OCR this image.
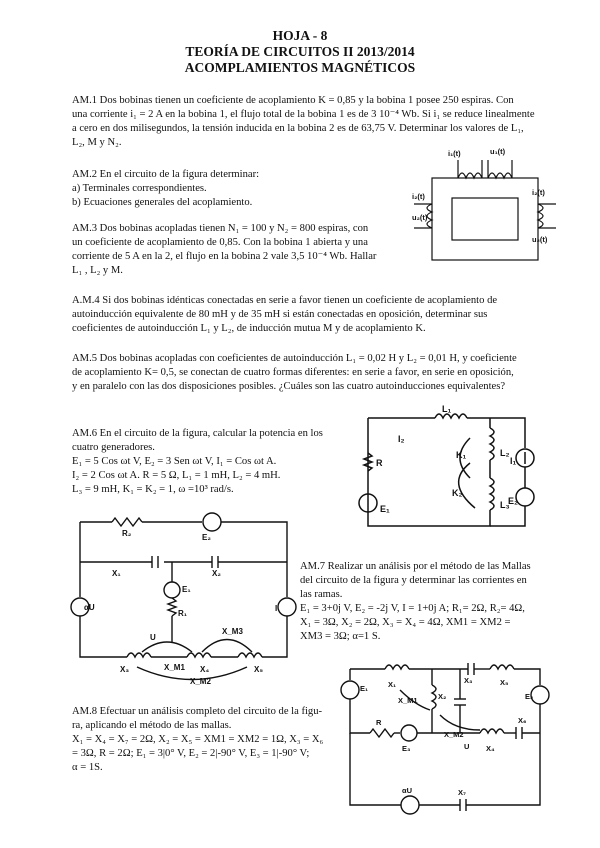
HOJA - 8
TEORÍA DE CIRCUITOS II 2013/2014
ACOMPLAMIENTOS MAGNÉTICOS
AM.1 Dos bobinas tienen un coeficiente de acoplamiento K = 0,85 y la bobina 1 posee 250 espiras. Con
una corriente i₁ = 2 A en la bobina 1, el flujo total de la bobina 1 es de 3 10⁻⁴ Wb. Si i₁ se reduce linealmente
a cero en dos milisegundos, la tensión inducida en la bobina 2 es de 63,75 V. Determinar los valores de L₁,
L₂, M y N₂.
AM.2 En el circuito de la figura determinar:
a) Terminales correspondientes.
b) Ecuaciones generales del acoplamiento.
AM.3 Dos bobinas acopladas tienen N₁ = 100 y N₂ = 800 espiras, con
un coeficiente de acoplamiento de 0,85. Con la bobina 1 abierta y una
corriente de 5 A en la 2, el flujo en la bobina 2 vale 3,5 10⁻⁴ Wb. Hallar
L₁ , L₂ y M.
A.M.4 Si dos bobinas idénticas conectadas en serie a favor tienen un coeficiente de acoplamiento de
autoinducción equivalente de 80 mH y de 35 mH si están conectadas en oposición, determinar sus
coeficientes de autoinducción L₁ y L₂, de inducción mutua M y de acoplamiento K.
AM.5 Dos bobinas acopladas con coeficientes de autoinducción L₁ = 0,02 H y L₂ = 0,01 H, y coeficiente
de acoplamiento K= 0,5, se conectan de cuatro formas diferentes: en serie a favor, en serie en oposición,
y en paralelo con las dos disposiciones posibles. ¿Cuáles son las cuatro autoinducciones equivalentes?
AM.6 En el circuito de la figura, calcular la potencia en los
cuatro generadores.
E₁ = 5 Cos ωt V, E₂ = 3 Sen ωt V, I₁ = Cos ωt A.
I₂ = 2 Cos ωt A. R = 5 Ω, L₁ = 1 mH, L₂ = 4 mH.
L₃ = 9 mH, K₁ = K₂ = 1, ω =10³ rad/s.
AM.7 Realizar un análisis por el método de las Mallas
del circuito de la figura y determinar las corrientes en
las ramas.
E₁ = 3+0j V, E₂ = -2j V, I = 1+0j A; R₁= 2Ω, R₂= 4Ω,
X₁ = 3Ω, X₂ = 2Ω, X₃ = X₄ = 4Ω, XM1 = XM2 =
XM3 = 3Ω; α=1 S.
AM.8 Efectuar un análisis completo del circuito de la figu-
ra, aplicando el método de las mallas.
X₁ = X₄ = X₇ = 2Ω, X₂ = X₅ = XM1 = XM2 = 1Ω, X₃ = X₆
= 3Ω, R = 2Ω; E₁ = 3|0° V, E₂ = 2|-90° V, E₃ = 1|-90° V;
α = 1S.
i₁(t)	u₁(t)
i₂(t)
u₂(t)
i₂(t)
u₂(t)
L₁
L₂
L₃
K₁
K₂
R
I₂
I₁
E₂
E₁
R₂	E₂
X₁	X₂
E₁
R₁
I
αU
U
X_M3
X_M1
X_M2
X₃	X₄	X₅
X₁
X₂
X₃
X₄
X₅
X₆
X₇
E₁
E₂
E₃
R
X_M1
X_M2
U
αU
